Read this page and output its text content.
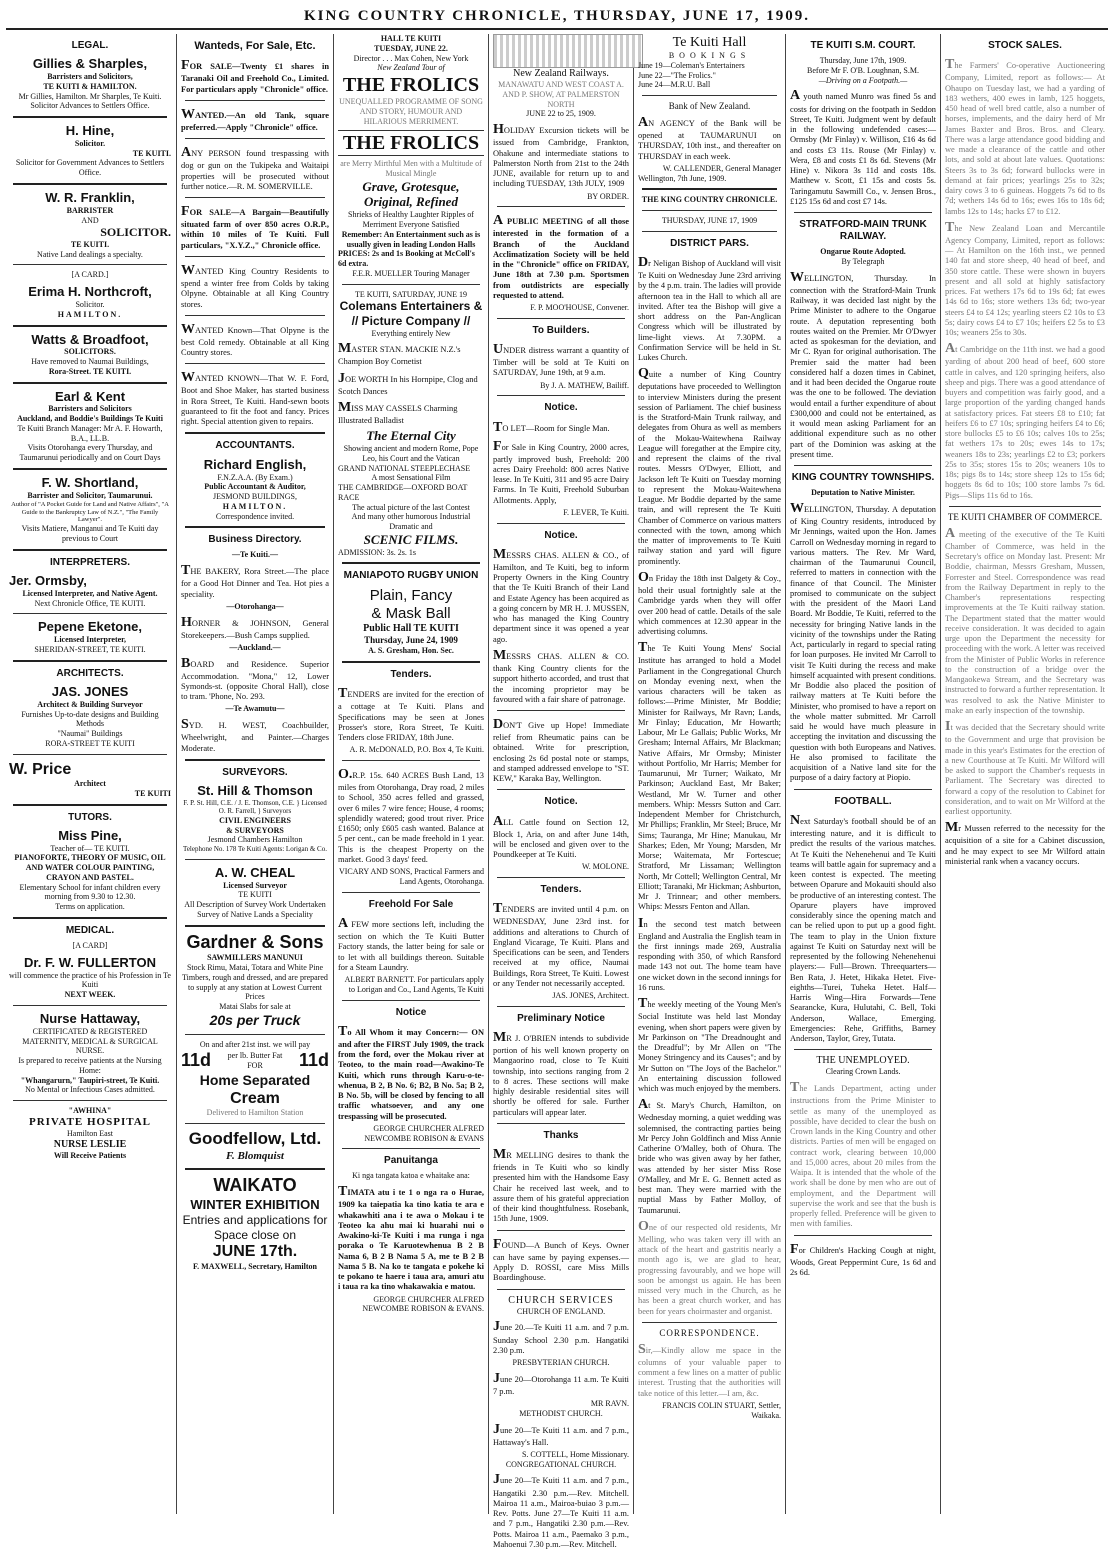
KING COUNTRY CHRONICLE, THURSDAY, JUNE 17, 1909.
LEGAL.
Gillies & Sharples,
Barristers and Solicitors,
TE KUITI & HAMILTON.
Mr Gillies, Hamilton. Mr Sharples, Te Kuiti.
Solicitor Advances to Settlers Office.
H. Hine,
Solicitor.
TE KUITI.
Solicitor for Government Advances to Settlers Office.
W. R. Franklin,
BARRISTER
AND
SOLICITOR.
TE KUITI.
Native Land dealings a specialty.
[A CARD.]
Erima H. Northcroft,
Solicitor.
HAMILTON.
Watts & Broadfoot,
SOLICITORS.
Have removed to Naumai Buildings,
Rora-Street. TE KUITI.
Earl & Kent
Barristers and Solicitors
Auckland, and Boddie's Buildings Te Kuiti
Te Kuiti Branch Manager: Mr A. F. Howarth, B.A., LL.B.
Visits Otorohanga every Thursday, and Taumarunui periodically and on Court Days
F. W. Shortland,
Barrister and Solicitor, Taumarunui.
Author of "A Pocket Guide for Land and Native Affairs", "A Guide to the Bankruptcy Law of N.Z.", "The Family Lawyer".
Visits Matiere, Manganui and Te Kuiti day previous to Court
INTERPRETERS.
Jer. Ormsby,
Licensed Interpreter, and Native Agent.
Next Chronicle Office, TE KUITI.
Pepene Eketone,
Licensed Interpreter,
SHERIDAN-STREET, TE KUITI.
ARCHITECTS.
JAS. JONES
Architect & Building Surveyor
Furnishes Up-to-date designs and Building Methods
"Naumai" Buildings
RORA-STREET TE KUITI
W. Price
Architect
TE KUITI
TUTORS.
Miss Pine,
Teacher of— TE KUITI.
PIANOFORTE, THEORY OF MUSIC, OIL AND WATER COLOUR PAINTING, CRAYON AND PASTEL.
Elementary School for infant children every morning from 9.30 to 12.30.
Terms on application.
MEDICAL.
[A CARD]
Dr. F. W. FULLERTON
will commence the practice of his Profession in Te Kuiti
NEXT WEEK.
Nurse Hattaway,
CERTIFICATED & REGISTERED MATERNITY, MEDICAL & SURGICAL NURSE.
Is prepared to receive patients at the Nursing Home:
"Whangarurn," Taupiri-street, Te Kuiti.
No Mental or Infectious Cases admitted.
"AWHINA"
PRIVATE HOSPITAL
Hamilton East
NURSE LESLIE
Will Receive Patients
Wanteds, For Sale, Etc.
FOR SALE—Twenty £1 shares in Taranaki Oil and Freehold Co., Limited. For particulars apply "Chronicle" office.
WANTED.—An old Tank, square preferred.—Apply "Chronicle" office.
ANY PERSON found trespassing with dog or gun on the Tukipeka and Waitaipi properties will be prosecuted without further notice.—R. M. SOMERVILLE.
FOR SALE—A Bargain—Beautifully situated farm of over 850 acres O.R.P., within 10 miles of Te Kuiti. Full particulars, "X.Y.Z.," Chronicle office.
WANTED King Country Residents to spend a winter free from Colds by taking Olpyne. Obtainable at all King Country stores.
WANTED Known—That Olpyne is the best Cold remedy. Obtainable at all King Country stores.
WANTED KNOWN—That W. F. Ford, Boot and Shoe Maker, has started business in Rora Street, Te Kuiti. Hand-sewn boots guaranteed to fit the foot and fancy. Prices right. Special attention given to repairs.
ACCOUNTANTS.
Richard English,
F.N.Z.A.A. (By Exam.)
Public Accountant & Auditor,
JESMOND BUILDINGS,
HAMILTON.
Correspondence invited.
Business Directory.
—Te Kuiti.—
THE BAKERY, Rora Street.—The place for a Good Hot Dinner and Tea. Hot pies a speciality.
—Otorohanga—
HORNER & JOHNSON, General Storekeepers.—Bush Camps supplied.
—Auckland.—
BOARD and Residence. Superior Accommodation. "Mona," 12, Lower Symonds-st. (opposite Choral Hall), close to tram. 'Phone, No. 293.
—Te Awamutu—
SYD. H. WEST, Coachbuilder, Wheelwright, and Painter.—Charges Moderate.
SURVEYORS.
St. Hill & Thomson
F. P. St. Hill, C.E. / J. E. Thomson, C.E. } Licensed
O. R. Farrell, } Surveyors
CIVIL ENGINEERS
& SURVEYORS
Jesmond Chambers Hamilton
Telephone No. 178 Te Kuiti Agents: Lorigan & Co.
A. W. CHEAL
Licensed Surveyor
TE KUITI
All Description of Survey Work Undertaken
Survey of Native Lands a Speciality
Gardner & Sons
SAWMILLERS MANUNUI
Stock Rimu, Matai, Totara and White Pine Timbers, rough and dressed, and are prepared to supply at any station at Lowest Current Prices
Matai Slabs for sale at
20s per Truck
On and after 21st inst. we will pay
11d per lb. Butter Fat
FOR	11d
Home Separated
Cream
Delivered to Hamilton Station
Goodfellow, Ltd.
F. Blomquist
WAIKATO
WINTER EXHIBITION
Entries and applications for
Space close on
JUNE 17th.
F. MAXWELL, Secretary, Hamilton
HALL TE KUITI
TUESDAY, JUNE 22.
Director . . . Max Cohen, New York
New Zealand Tour of
THE FROLICS
UNEQUALLED PROGRAMME OF SONG AND STORY, HUMOUR AND HILARIOUS MERRIMENT.
THE FROLICS
are Merry Mirthful Men with a Multitude of Musical Mingle
Grave, Grotesque,
Original, Refined
Shrieks of Healthy Laughter Ripples of Merriment Everyone Satisfied
Remember: An Entertainment such as is usually given in leading London Halls
PRICES: 2s and 1s Booking at McColl's 6d extra.
F.E.R. MUELLER Touring Manager
TE KUITI, SATURDAY, JUNE 19
Colemans Entertainers & // Picture Company //
Everything entirely New
MASTER STAN. MACKIE N.Z.'s Champion Boy Cornetist
JOE WORTH In his Hornpipe, Clog and Scotch Dances
MISS MAY CASSELS Charming Illustrated Balladist
The Eternal City
Showing ancient and modern Rome, Pope Leo, his Court and the Vatican
GRAND NATIONAL STEEPLECHASE
A most Sensational Film
THE CAMBRIDGE—OXFORD BOAT RACE
The actual picture of the last Contest
And many other humorous Industrial Dramatic and
SCENIC FILMS.
ADMISSION: 3s. 2s. 1s
MANIAPOTO RUGBY UNION
Plain, Fancy
& Mask Ball
Public Hall TE KUITI
Thursday, June 24, 1909
A. S. Gresham, Hon. Sec.
Tenders.
TENDERS are invited for the erection of a cottage at Te Kuiti. Plans and Specifications may be seen at Jones Prosser's store, Rora Street, Te Kuiti. Tenders close FRIDAY, 18th June.
A. R. McDONALD, P.O. Box 4, Te Kuiti.
O.R.P. 15s. 640 ACRES Bush Land, 13 miles from Otorohanga, Dray road, 2 miles to School, 350 acres felled and grassed, over 6 miles 7 wire fence; House, 4 rooms; splendidly watered; good trout river. Price £1650; only £605 cash wanted. Balance at 5 per cent., can be made freehold in 1 year. This is the cheapest Property on the market. Good 3 days' feed.
VICARY AND SONS, Practical Farmers and Land Agents, Otorohanga.
Freehold For Sale
A FEW more sections left, including the section on which the Te Kuiti Butter Factory stands, the latter being for sale or to let with all buildings thereon. Suitable for a Steam Laundry.
ALBERT BARNETT. For particulars apply to Lorigan and Co., Land Agents, Te Kuiti
Notice
To All Whom it may Concern:— ON and after the FIRST July 1909, the track from the ford, over the Mokau river at Teoteo, to the main road—Awakino-Te Kuiti, which runs through Karu-o-te-whenua, B 2, B No. 6; B2, B No. 5a; B 2, B No. 5b, will be closed by fencing to all traffic whatsoever, and any one trespassing will be prosecuted.
GEORGE CHURCHER ALFRED NEWCOMBE ROBISON & EVANS
Panuitanga
Ki nga tangata katoa e whaitake ana:
TIMATA atu i te 1 o nga ra o Hurae, 1909 ka taiepatia ka tino katia te ara e whakawhiti ana i te awa o Mokau i te Teoteo ka ahu mai ki huarahi nui o Awakino-ki-Te Kuiti i ma runga i nga poraka o Te Karuotewhenua B 2 B Nama 6, B 2 B Nama 5 A, me te B 2 B Nama 5 B. Na ko te tangata e pokehe ki te pokano te haere i taua ara, amuri atu i taua ra ka tino whakawakia e matou.
GEORGE CHURCHER ALFRED NEWCOMBE ROBISON & EVANS.
New Zealand Railways.
MANAWATU AND WEST COAST A. AND P. SHOW, AT PALMERSTON NORTH
JUNE 22 to 25, 1909.
HOLIDAY Excursion tickets will be issued from Cambridge, Frankton, Ohakune and intermediate stations to Palmerston North from 21st to the 24th JUNE, available for return up to and including TUESDAY, 13th JULY, 1909
BY ORDER.
A PUBLIC MEETING of all those interested in the formation of a Branch of the Auckland Acclimatization Society will be held in the "Chronicle" office on FRIDAY, June 18th at 7.30 p.m. Sportsmen from outdistricts are especially requested to attend.
F. P. MOO'HOUSE, Convener.
To Builders.
UNDER distress warrant a quantity of Timber will be sold at Te Kuiti on SATURDAY, June 19th, at 9 a.m.
By J. A. MATHEW, Bailiff.
Notice.
TO LET—Room for Single Man.
For Sale in King Country, 2000 acres, partly improved bush, Freehold: 200 acres Dairy Freehold: 800 acres Native lease. In Te Kuiti, 311 and 95 acre Dairy Farms. In Te Kuiti, Freehold Suburban Allotments. Apply,
F. LEVER, Te Kuiti.
Notice.
MESSRS CHAS. ALLEN & CO., of Hamilton, and Te Kuiti, beg to inform Property Owners in the King Country that the Te Kuiti Branch of their Land and Estate Agency has been acquired as a going concern by MR H. J. MUSSEN, who has managed the King Country department since it was opened a year ago.
MESSRS CHAS. ALLEN & CO. thank King Country clients for the support hitherto accorded, and trust that the incoming proprietor may be favoured with a fair share of patronage.
DON'T Give up Hope! Immediate relief from Rheumatic pains can be obtained. Write for prescription, enclosing 2s 6d postal note or stamps, and stamped addressed envelope to "ST. KEW," Karaka Bay, Wellington.
Notice.
ALL Cattle found on Section 12, Block 1, Aria, on and after June 14th, will be enclosed and given over to the Poundkeeper at Te Kuiti.
W. MOLONE.
Tenders.
TENDERS are invited until 4 p.m. on WEDNESDAY, June 23rd inst. for additions and alterations to Church of England Vicarage, Te Kuiti. Plans and Specifications can be seen, and Tenders received at my office, Naumai Buildings, Rora Street, Te Kuiti. Lowest or any Tender not necessarily accepted.
JAS. JONES, Architect.
Preliminary Notice
MR J. O'BRIEN intends to subdivide portion of his well known property on Mangaorino road, close to Te Kuiti township, into sections ranging from 2 to 8 acres. These sections will make highly desirable residential sites will shortly be offered for sale. Further particulars will appear later.
Thanks
MR MELLING desires to thank the friends in Te Kuiti who so kindly presented him with the Handsome Easy Chair he received last week, and to assure them of his grateful appreciation of their kind thoughtfulness. Rosebank, 15th June, 1909.
FOUND—A Bunch of Keys. Owner can have same by paying expenses.—Apply D. ROSSI, care Miss Mills Boardinghouse.
CHURCH SERVICES
CHURCH OF ENGLAND.
June 20.—Te Kuiti 11 a.m. and 7 p.m. Sunday School 2.30 p.m. Hangatiki 2.30 p.m.
PRESBYTERIAN CHURCH.
June 20—Otorohanga 11 a.m. Te Kuiti 7 p.m.
MR RAVN.
METHODIST CHURCH.
June 20—Te Kuiti 11 a.m. and 7 p.m., Hattaway's Hall.
S. COTTELL, Home Missionary.
CONGREGATIONAL CHURCH.
June 20—Te Kuiti 11 a.m. and 7 p.m., Hangatiki 2.30 p.m.—Rev. Mitchell. Mairoa 11 a.m., Mairoa-buiao 3 p.m.—Rev. Potts. June 27—Te Kuiti 11 a.m. and 7 p.m., Hangatiki 2.30 p.m.—Rev. Potts. Mairoa 11 a.m., Paemako 3 p.m., Mahoenui 7.30 p.m.—Rev. Mitchell.
Te Kuiti Hall
BOOKINGS
June 19—Coleman's Entertainers
June 22—"The Frolics."
June 24—M.R.U. Ball
Bank of New Zealand.
AN AGENCY of the Bank will be opened at TAUMARUNUI on THURSDAY, 10th inst., and thereafter on THURSDAY in each week.
W. CALLENDER, General Manager
Wellington, 7th June, 1909.
THE KING COUNTRY CHRONICLE.
THURSDAY, JUNE 17, 1909
DISTRICT PARS.
Dr Neligan Bishop of Auckland will visit Te Kuiti on Wednesday June 23rd arriving by the 4 p.m. train. The ladies will provide afternoon tea in the Hall to which all are invited. After tea the Bishop will give a short address on the Pan-Anglican Congress which will be illustrated by lime-light views. At 7.30PM. a Confirmation Service will be held in St. Lukes Church.
Quite a number of King Country deputations have proceeded to Wellington to interview Ministers during the present session of Parliament. The chief business is the Stratford-Main Trunk railway, and delegates from Ohura as well as members of the Mokau-Waitewhena Railway League will foregather at the Empire city, and represent the claims of the rival routes. Messrs O'Dwyer, Elliott, and Jackson left Te Kuiti on Tuesday morning to represent the Mokau-Waitewhena League. Mr Boddie departed by the same train, and will represent the Te Kuiti Chamber of Commerce on various matters connected with the town, among which the matter of improvements to Te Kuiti railway station and yard will figure prominently.
On Friday the 18th inst Dalgety & Coy., hold their usual fortnightly sale at the Cambridge yards when they will offer over 200 head of cattle. Details of the sale which commences at 12.30 appear in the advertising columns.
The Te Kuiti Young Mens' Social Institute has arranged to hold a Model Parliament in the Congregational Church on Monday evening next, when the various characters will be taken as follows:—Prime Minister, Mr Boddie; Minister for Railways, Mr Ravn; Lands, Mr Finlay; Education, Mr Howarth; Labour, Mr Le Gallais; Public Works, Mr Gresham; Internal Affairs, Mr Blackman; Native Affairs, Mr Ormsby; Minister without Portfolio, Mr Harris; Member for Taumarunui, Mr Turner; Waikato, Mr Parkinson; Auckland East, Mr Baker; Westland, Mr W. Turner and other members. Whip: Messrs Sutton and Carr. Independent Member for Christchurch, Mr Phillips; Franklin, Mr Steel; Bruce, Mr Sims; Tauranga, Mr Hine; Manukau, Mr Sharkes; Eden, Mr Young; Marsden, Mr Morse; Waitemata, Mr Fortescue; Stratford, Mr Lissaman; Wellington North, Mr Cottell; Wellington Central, Mr Elliott; Taranaki, Mr Hickman; Ashburton, Mr J. Trinnear; and other members. Whips: Messrs Fenton and Allan.
In the second test match between England and Australia the English team in the first innings made 269, Australia responding with 350, of which Ransford made 143 not out. The home team have one wicket down in the second innings for 16 runs.
The weekly meeting of the Young Men's Social Institute was held last Monday evening, when short papers were given by Mr Parkinson on "The Dreadnought and the Dreadful"; by Mr Allen on "The Money Stringency and its Causes"; and by Mr Sutton on "The Joys of the Bachelor." An entertaining discussion followed which was much enjoyed by the members.
At St. Mary's Church, Hamilton, on Wednesday morning, a quiet wedding was solemnised, the contracting parties being Mr Percy John Goldfinch and Miss Annie Catherine O'Malley, both of Ohura. The bride who was given away by her father, was attended by her sister Miss Rose O'Malley, and Mr E. G. Bennett acted as best man. They were married with the nuptial Mass by Father Molloy, of Taumarunui.
One of our respected old residents, Mr Melling, who was taken very ill with an attack of the heart and gastritis nearly a month ago is, we are glad to hear, progressing favourably, and we hope will soon be amongst us again. He has been missed very much in the Church, as he has been a great church worker, and has been for years choirmaster and organist.
CORRESPONDENCE.
Sir,—Kindly allow me space in the columns of your valuable paper to comment a few lines on a matter of public interest. Trusting that the authorities will take notice of this letter.—I am, &c.
FRANCIS COLIN STUART, Settler, Waikaka.
TE KUITI S.M. COURT.
Thursday, June 17th, 1909.
Before Mr F. O'B. Loughnan, S.M.
—Driving on a Footpath.—
A youth named Munro was fined 5s and costs for driving on the footpath in Seddon Street, Te Kuiti. Judgment went by default in the following undefended cases:— Ormsby (Mr Finlay) v. Willison, £16 4s 6d and costs £3 11s. Rouse (Mr Finlay) v. Wera, £8 and costs £1 8s 6d. Stevens (Mr Hine) v. Nikora 3s 11d and costs 18s. Matthew v. Scott, £1 15s and costs 5s. Taringamutu Sawmill Co., v. Jensen Bros., £125 15s 6d and cost £7 14s.
STRATFORD-MAIN TRUNK RAILWAY.
Ongarue Route Adopted.
By Telegraph
WELLINGTON, Thursday. In connection with the Stratford-Main Trunk Railway, it was decided last night by the Prime Minister to adhere to the Ongarue route. A deputation representing both routes waited on the Premier. Mr O'Dwyer acted as spokesman for the deviation, and Mr C. Ryan for original authorisation. The Premier said the matter had been considered half a dozen times in Cabinet, and it had been decided the Ongarue route was the one to be followed. The deviation would entail a further expenditure of about £300,000 and could not be entertained, as it would mean asking Parliament for an additional expenditure such as no other part of the Dominion was asking at the present time.
KING COUNTRY TOWNSHIPS.
Deputation to Native Minister.
WELLINGTON, Thursday. A deputation of King Country residents, introduced by Mr Jennings, waited upon the Hon. James Carroll on Wednesday morning in regard to various matters. The Rev. Mr Ward, chairman of the Taumarunui Council, referred to matters in connection with the finance of that Council. The Minister promised to communicate on the subject with the president of the Maori Land Board. Mr Boddie, Te Kuiti, referred to the necessity for bringing Native lands in the vicinity of the townships under the Rating Act, particularly in regard to special rating for loan purposes. He invited Mr Carroll to visit Te Kuiti during the recess and make himself acquainted with present conditions. Mr Boddie also placed the position of railway matters at Te Kuiti before the Minister, who promised to have a report on the whole matter submitted. Mr Carroll said he would have much pleasure in accepting the invitation and discussing the question with both Europeans and Natives. He also promised to facilitate the acquisition of a Native land site for the purpose of a dairy factory at Piopio.
FOOTBALL.
Next Saturday's football should be of an interesting nature, and it is difficult to predict the results of the various matches. At Te Kuiti the Nehenehenui and Te Kuiti teams will battle again for supremacy and a keen contest is expected. The meeting between Oparure and Mokauiti should also be productive of an interesting contest. The Oparure players have improved considerably since the opening match and can be relied upon to put up a good fight. The team to play in the Union fixture against Te Kuiti on Saturday next will be represented by the following Nehenehenui players:— Full—Brown. Threequarters—Ben Rata, J. Hetet, Hikaka Hetet. Five-eighths—Turei, Tuheka Hetet. Half—Harris Wing—Hira Forwards—Tene Searancke, Kura, Hulutahi, C. Bell, Toki Anderson, Wallace, Emerging. Emergencies: Rehe, Griffiths, Barney Anderson, Taylor, Grey, Tutata.
THE UNEMPLOYED.
Clearing Crown Lands.
The Lands Department, acting under instructions from the Prime Minister to settle as many of the unemployed as possible, have decided to clear the bush on Crown lands in the King Country and other districts. Parties of men will be engaged on contract work, clearing between 10,000 and 15,000 acres, about 20 miles from the Waipa. It is intended that the whole of the work shall be done by men who are out of employment, and the Department will supervise the work and see that the bush is properly felled. Preference will be given to men with families.
For Children's Hacking Cough at night, Woods, Great Peppermint Cure, 1s 6d and 2s 6d.
STOCK SALES.
The Farmers' Co-operative Auctioneering Company, Limited, report as follows:— At Ohaupo on Tuesday last, we had a yarding of 183 wethers, 400 ewes in lamb, 125 hoggets, 450 head of well bred cattle, also a number of horses, implements, and the dairy herd of Mr James Baxter and Bros. Bros. and Cleary. There was a large attendance good bidding and we made a clearance of the cattle and other lots, and sold at about late values. Quotations: Steers 3s to 3s 6d; forward bullocks were in demand at fair prices; yearlings 25s to 32s; dairy cows 3 to 6 guineas. Hoggets 7s 6d to 8s 7d; wethers 14s 6d to 16s; ewes 16s to 18s 6d; lambs 12s to 14s; hacks £7 to £12.
The New Zealand Loan and Mercantile Agency Company, Limited, report as follows:— At Hamilton on the 16th inst., we penned 140 fat and store sheep, 40 head of beef, and 350 store cattle. These were shown in buyers present and all sold at highly satisfactory prices. Fat wethers 17s 6d to 19s 6d; fat ewes 14s 6d to 16s; store wethers 13s 6d; two-year steers £4 to £4 12s; yearling steers £2 10s to £3 5s; dairy cows £4 to £7 10s; heifers £2 5s to £3 10s; weaners 25s to 30s.
At Cambridge on the 11th inst. we had a good yarding of about 200 head of beef, 600 store cattle in calves, and 120 springing heifers, also sheep and pigs. There was a good attendance of buyers and competition was fairly good, and a large proportion of the yarding changed hands at satisfactory prices. Fat steers £8 to £10; fat heifers £6 to £7 10s; springing heifers £4 to £6; store bullocks £5 to £6 10s; calves 10s to 25s; fat wethers 17s to 20s; ewes 14s to 17s; weaners 18s to 23s; yearlings £2 to £3; porkers 25s to 35s; stores 15s to 20s; weaners 10s to 18s; pigs 8s to 14s; store sheep 12s to 15s 6d; hoggets 8s 6d to 10s; 100 store lambs 7s 6d. Pigs—Slips 11s 6d to 16s.
TE KUITI CHAMBER OF COMMERCE.
A meeting of the executive of the Te Kuiti Chamber of Commerce, was held in the Secretary's office on Monday last. Present: Mr Boddie, chairman, Messrs Gresham, Mussen, Forrester and Steel. Correspondence was read from the Railway Department in reply to the Chamber's representations respecting improvements at the Te Kuiti railway station. The Department stated that the matter would receive consideration. It was decided to again urge upon the Department the necessity for proceeding with the work. A letter was received from the Minister of Public Works in reference to the construction of a bridge over the Mangaokewa Stream, and the Secretary was instructed to forward a further representation. It was resolved to ask the Native Minister to make an early inspection of the township.
It was decided that the Secretary should write to the Government and urge that provision be made in this year's Estimates for the erection of a new Courthouse at Te Kuiti. Mr Wilford will be asked to support the Chamber's requests in Parliament. The Secretary was directed to forward a copy of the resolution to Cabinet for consideration, and to wait on Mr Wilford at the earliest opportunity.
Mr Mussen referred to the necessity for the acquisition of a site for a Cabinet discussion, and he may expect to see Mr Wilford attain ministerial rank when a vacancy occurs.
